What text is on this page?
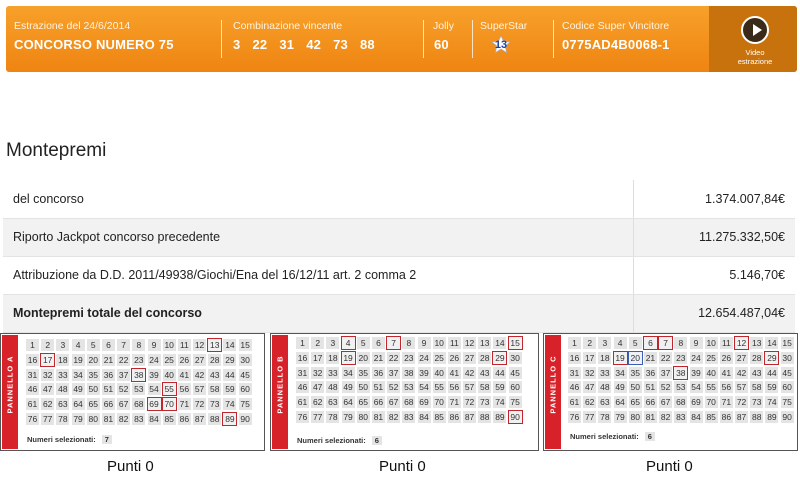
Estrazione del 24/6/2014
CONCORSO NUMERO 75
Combinazione vincente
3 22 31 42 73 88
Jolly
60
SuperStar
13
Codice Super Vincitore
0775AD4B0068-1
Video
estrazione
Montepremi
del concorso	1.374.007,84€
Riporto Jackpot concorso precedente	11.275.332,50€
Attribuzione da D.D. 2011/49938/Giochi/Ena del 16/12/11 art. 2 comma 2	5.146,70€
Montepremi totale del concorso	12.654.487,04€
PANNELLO A
1	2	3	4	5	6	7	8	9 10 11 12 13 14 15
16 17 18 19 20 21 22 23 24 25 26 27 28 29 30
31 32 33 34 35 36 37 38 39 40 41 42 43 44 45
46 47 48 49 50 51 52 53 54 55 56 57 58 59 60
61 62 63 64 65 66 67 68 69 70 71 72 73 74 75
76 77 78 79 80 81 82 83 84 85 86 87 88 89 90
Numeri selezionati: 7
PANNELLO B
1	2	3	4	5	6	7	8	9 10 11 12 13 14 15
16 17 18 19 20 21 22 23 24 25 26 27 28 29 30
31 32 33 34 35 36 37 38 39 40 41 42 43 44 45
46 47 48 49 50 51 52 53 54 55 56 57 58 59 60
61 62 63 64 65 66 67 68 69 70 71 72 73 74 75
76 77 78 79 80 81 82 83 84 85 86 87 88 89 90
Numeri selezionati: 6
PANNELLO C
1	2	3	4	5	6	7	8	9 10 11 12 13 14 15
16 17 18 19 20 21 22 23 24 25 26 27 28 29 30
31 32 33 34 35 36 37 38 39 40 41 42 43 44 45
46 47 48 49 50 51 52 53 54 55 56 57 58 59 60
61 62 63 64 65 66 67 68 69 70 71 72 73 74 75
76 77 78 79 80 81 82 83 84 85 86 87 88 89 90
Numeri selezionati: 6
Punti 0	Punti 0	Punti 0
